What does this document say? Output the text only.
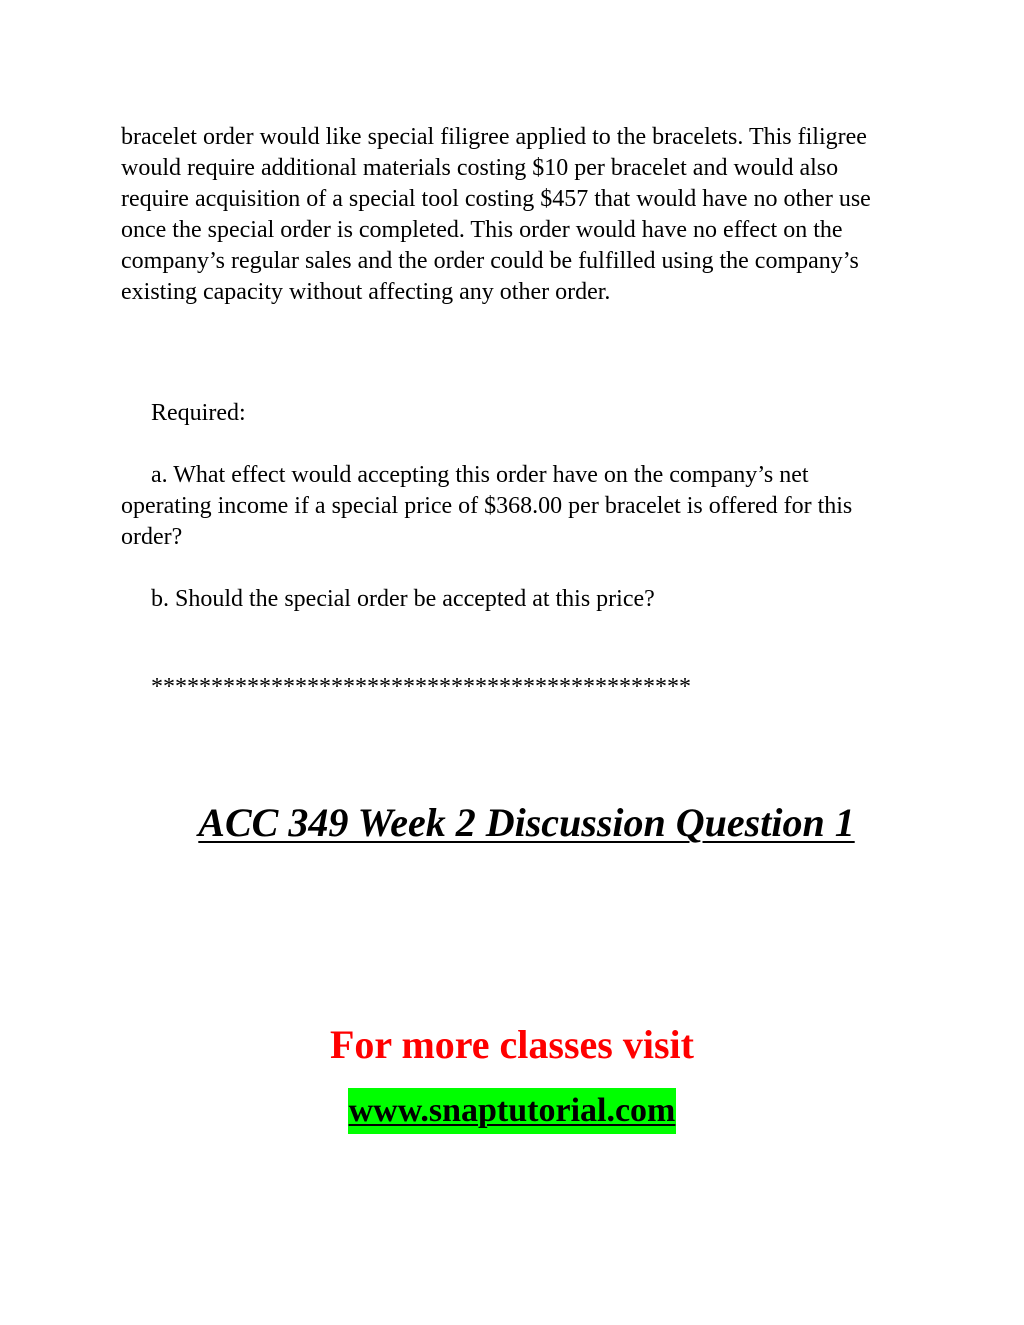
bracelet order would like special filigree applied to the bracelets. This filigree would require additional materials costing $10 per bracelet and would also require acquisition of a special tool costing $457 that would have no other use once the special order is completed. This order would have no effect on the company’s regular sales and the order could be fulfilled using the company’s existing capacity without affecting any other order.

Required:

a. What effect would accepting this order have on the company’s net operating income if a special price of $368.00 per bracelet is offered for this order?

b. Should the special order be accepted at this price?

*********************************************

ACC 349 Week 2 Discussion Question 1

For more classes visit

www.snaptutorial.com
